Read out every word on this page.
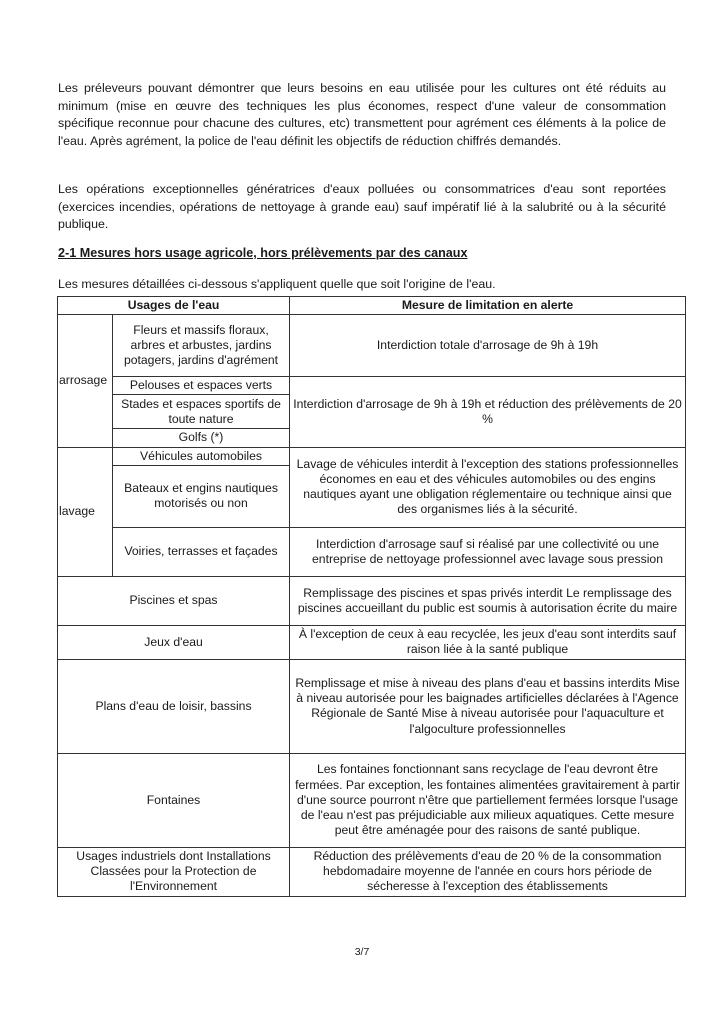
Les préleveurs pouvant démontrer que leurs besoins en eau utilisée pour les cultures ont été réduits au minimum (mise en œuvre des techniques les plus économes, respect d'une valeur de consommation spécifique reconnue pour chacune des cultures, etc) transmettent pour agrément ces éléments à la police de l'eau. Après agrément, la police de l'eau définit les objectifs de réduction chiffrés demandés.

Les opérations exceptionnelles génératrices d'eaux polluées ou consommatrices d'eau sont reportées (exercices incendies, opérations de nettoyage à grande eau) sauf impératif lié à la salubrité ou à la sécurité publique.

2-1 Mesures hors usage agricole, hors prélèvements par des canaux

Les mesures détaillées ci-dessous s'appliquent quelle que soit l'origine de l'eau.

Usages de l'eau		Mesure de limitation en alerte
arrosage	Fleurs et massifs floraux, arbres et arbustes, jardins potagers, jardins d'agrément	Interdiction totale d'arrosage de 9h à 19h
	Pelouses et espaces verts	Interdiction d'arrosage de 9h à 19h et réduction des prélèvements de 20 %
	Stades et espaces sportifs de toute nature	
	Golfs (*)	
lavage	Véhicules automobiles	Lavage de véhicules interdit à l'exception des stations professionnelles économes en eau et des véhicules automobiles ou des engins nautiques ayant une obligation réglementaire ou technique ainsi que des organismes liés à la sécurité.
	Bateaux et engins nautiques motorisés ou non	
	Voiries, terrasses et façades	Interdiction d'arrosage sauf si réalisé par une collectivité ou une entreprise de nettoyage professionnel avec lavage sous pression
Piscines et spas		Remplissage des piscines et spas privés interdit Le remplissage des piscines accueillant du public est soumis à autorisation écrite du maire
Jeux d'eau		À l'exception de ceux à eau recyclée, les jeux d'eau sont interdits sauf raison liée à la santé publique
Plans d'eau de loisir, bassins		Remplissage et mise à niveau des plans d'eau et bassins interdits Mise à niveau autorisée pour les baignades artificielles déclarées à l'Agence Régionale de Santé Mise à niveau autorisée pour l'aquaculture et l'algoculture professionnelles
Fontaines		Les fontaines fonctionnant sans recyclage de l'eau devront être fermées. Par exception, les fontaines alimentées gravitairement à partir d'une source pourront n'être que partiellement fermées lorsque l'usage de l'eau n'est pas préjudiciable aux milieux aquatiques. Cette mesure peut être aménagée pour des raisons de santé publique.
Usages industriels dont Installations Classées pour la Protection de l'Environnement		Réduction des prélèvements d'eau de 20 % de la consommation hebdomadaire moyenne de l'année en cours hors période de sécheresse à l'exception des établissements

3/7
